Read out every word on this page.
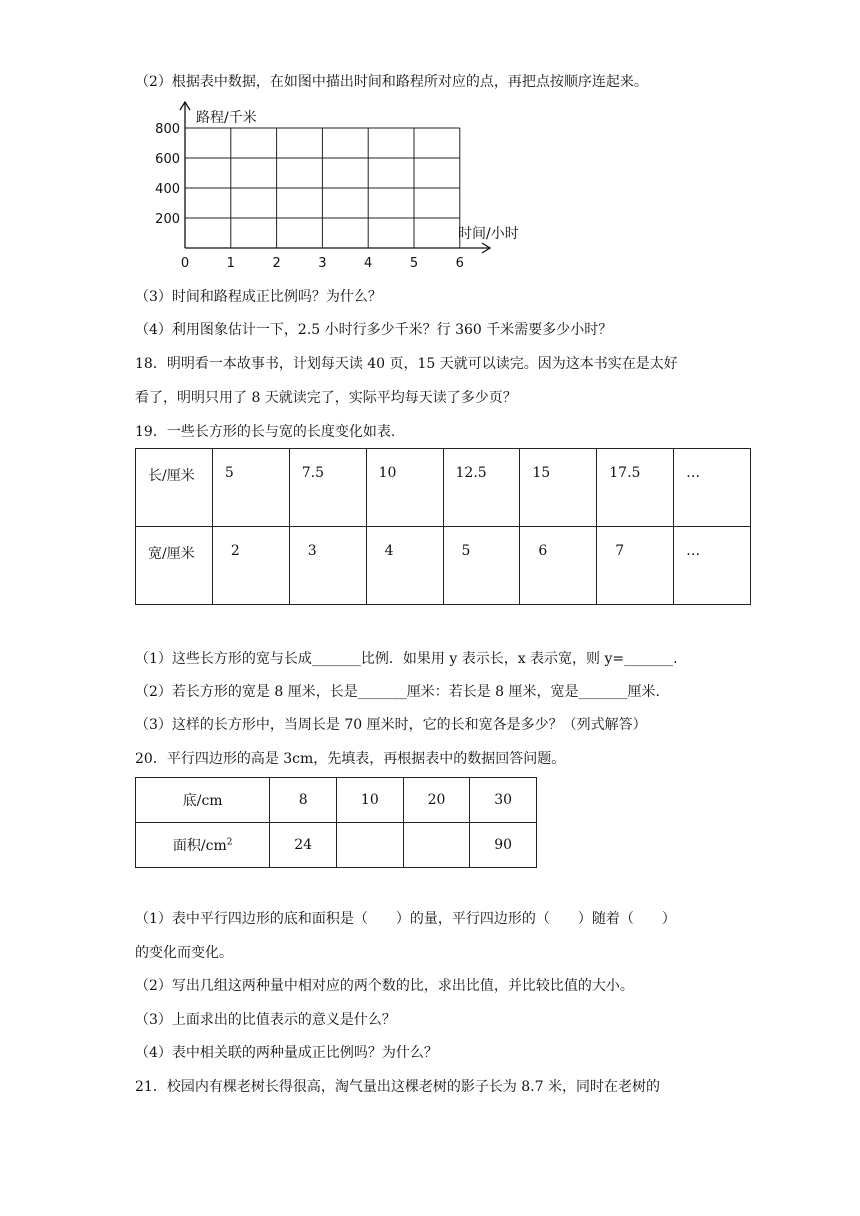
（2）根据表中数据，在如图中描出时间和路程所对应的点，再把点按顺序连起来。
800
600
400
200
0	1	2	3	4	5	6
路程/千米
时间/小时
（3）时间和路程成正比例吗？为什么？
（4）利用图象估计一下，2.5 小时行多少千米？行 360 千米需要多少小时？
18．明明看一本故事书，计划每天读 40 页，15 天就可以读完。因为这本书实在是太好
看了，明明只用了 8 天就读完了，实际平均每天读了多少页？
19．一些长方形的长与宽的长度变化如表.
长/厘米	5	7.5	10	12.5	15	17.5	…

宽/厘米	2	3	4	5	6	7	…
（1）这些长方形的宽与长成_______比例．如果用 y 表示长，x 表示宽，则 y=_______.
（2）若长方形的宽是 8 厘米，长是_______厘米：若长是 8 厘米，宽是_______厘米.
（3）这样的长方形中，当周长是 70 厘米时，它的长和宽各是多少？（列式解答）
20．平行四边形的高是 3cm，先填表，再根据表中的数据回答问题。
底/cm	8	10	20	30
面积$/cm^2$	24			90
（1）表中平行四边形的底和面积是（　　）的量，平行四边形的（　　）随着（　　）
的变化而变化。
（2）写出几组这两种量中相对应的两个数的比，求出比值，并比较比值的大小。
（3）上面求出的比值表示的意义是什么？
（4）表中相关联的两种量成正比例吗？为什么？
21．校园内有棵老树长得很高，淘气量出这棵老树的影子长为 8.7 米，同时在老树的
